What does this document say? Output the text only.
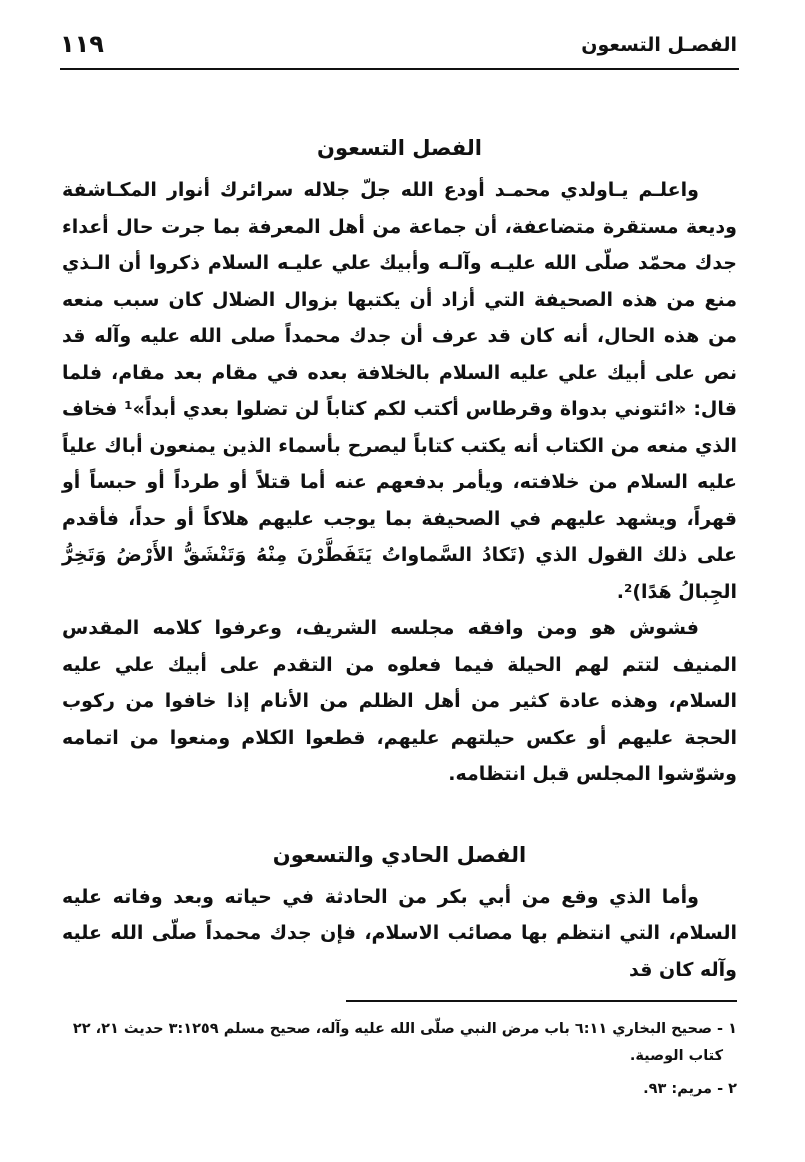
الفصـل التسعون
١١٩
الفصل التسعون

واعلـم يـاولدي محمـد أودع الله جلّ جلاله سرائرك أنوار المكـاشفة وديعة مستقرة متضاعفة، أن جماعة من أهل المعرفة بما جرت حال أعداء جدك محمّد صلّى الله عليـه وآلـه وأبيك علي عليـه السلام ذكروا أن الـذي منع من هذه الصحيفة التي أزاد أن يكتبها بزوال الضلال كان سبب منعه من هذه الحال، أنه كان قد عرف أن جدك محمداً صلى الله عليه وآله قد نص على أبيك علي عليه السلام بالخلافة بعده في مقام بعد مقام، فلما قال: «ائتوني بدواة وقرطاس أكتب لكم كتاباً لن تضلوا بعدي أبداً»¹ فخاف الذي منعه من الكتاب أنه يكتب كتاباً ليصرح بأسماء الذين يمنعون أباك علياً عليه السلام من خلافته، ويأمر بدفعهم عنه أما قتلاً أو طرداً أو حبساً أو قهراً، ويشهد عليهم في الصحيفة بما يوجب عليهم هلاكاً أو حداً، فأقدم على ذلك القول الذي (تَكادُ السَّماواتُ يَتَفَطَّرْنَ مِنْهُ وَتَنْشَقُّ الأَرْضُ وَتَخِرُّ الجِبالُ هَدًا)².

فشوش هو ومن وافقه مجلسه الشريف، وعرفوا كلامه المقدس المنيف لتتم لهم الحيلة فيما فعلوه من التقدم على أبيك علي عليه السلام، وهذه عادة كثير من أهل الظلم من الأنام إذا خافوا من ركوب الحجة عليهم أو عكس حيلتهم عليهم، قطعوا الكلام ومنعوا من اتمامه وشوّشوا المجلس قبل انتظامه.

الفصل الحادي والتسعون

وأما الذي وقع من أبي بكر من الحادثة في حياته وبعد وفاته عليه السلام، التي انتظم بها مصائب الاسلام، فإن جدك محمداً صلّى الله عليه وآله كان قد

١ - صحيح البخاري ٦:١١ باب مرض النبي صلّى الله عليه وآله، صحيح مسلم ٣:١٢٥٩ حديث ٢١، ٢٢
كتاب الوصية.
٢ - مريم: ٩٣.
